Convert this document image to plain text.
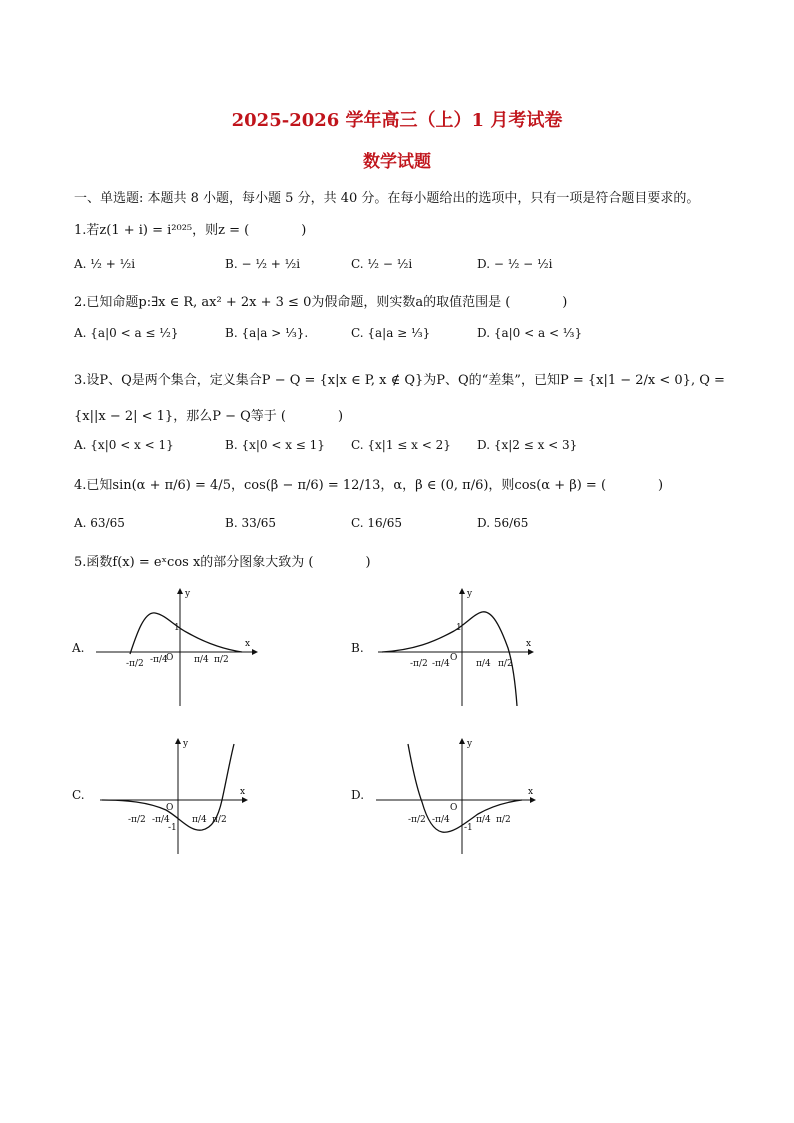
2025-2026 学年高三（上）1 月考试卷
数学试题
一、单选题: 本题共 8 小题，每小题 5 分，共 40 分。在每小题给出的选项中，只有一项是符合题目要求的。
1.若z(1 + i) = i²⁰²⁵，则z = (　　　　)
A. ½ + ½i	B. − ½ + ½i	C. ½ − ½i	D. − ½ − ½i
2.已知命题p:∃x ∈ R, ax² + 2x + 3 ≤ 0为假命题，则实数a的取值范围是 (　　　　)
A. {a|0 < a ≤ ½}	B. {a|a > ⅓}.	C. {a|a ≥ ⅓}	D. {a|0 < a < ⅓}
3.设P、Q是两个集合，定义集合P − Q = {x|x ∈ P, x ∉ Q}为P、Q的“差集”，已知P = {x|1 − 2/x < 0}, Q =
{x||x − 2| < 1}，那么P − Q等于 (　　　　)
A. {x|0 < x < 1}	B. {x|0 < x ≤ 1} C. {x|1 ≤ x < 2} D. {x|2 ≤ x < 3}
4.已知sin(α + π/6) = 4/5，cos(β − π/6) = 12/13，α，β ∈ (0, π/6)，则cos(α + β) = (　　　　)
A. 63/65	B. 33/65	C. 16/65	D. 56/65
5.函数f(x) = eˣcos x的部分图象大致为 (　　　　)
A.	B.
C.	D.
y
x
O
1
-π/2 -π/4	π/4 π/2
y
x
O
1
-π/2 -π/4	π/4 π/2
y
x
O
-1
-π/2 -π/4 π/4 π/2
y
x
O
-1
-π/2 -π/4	π/4 π/2
